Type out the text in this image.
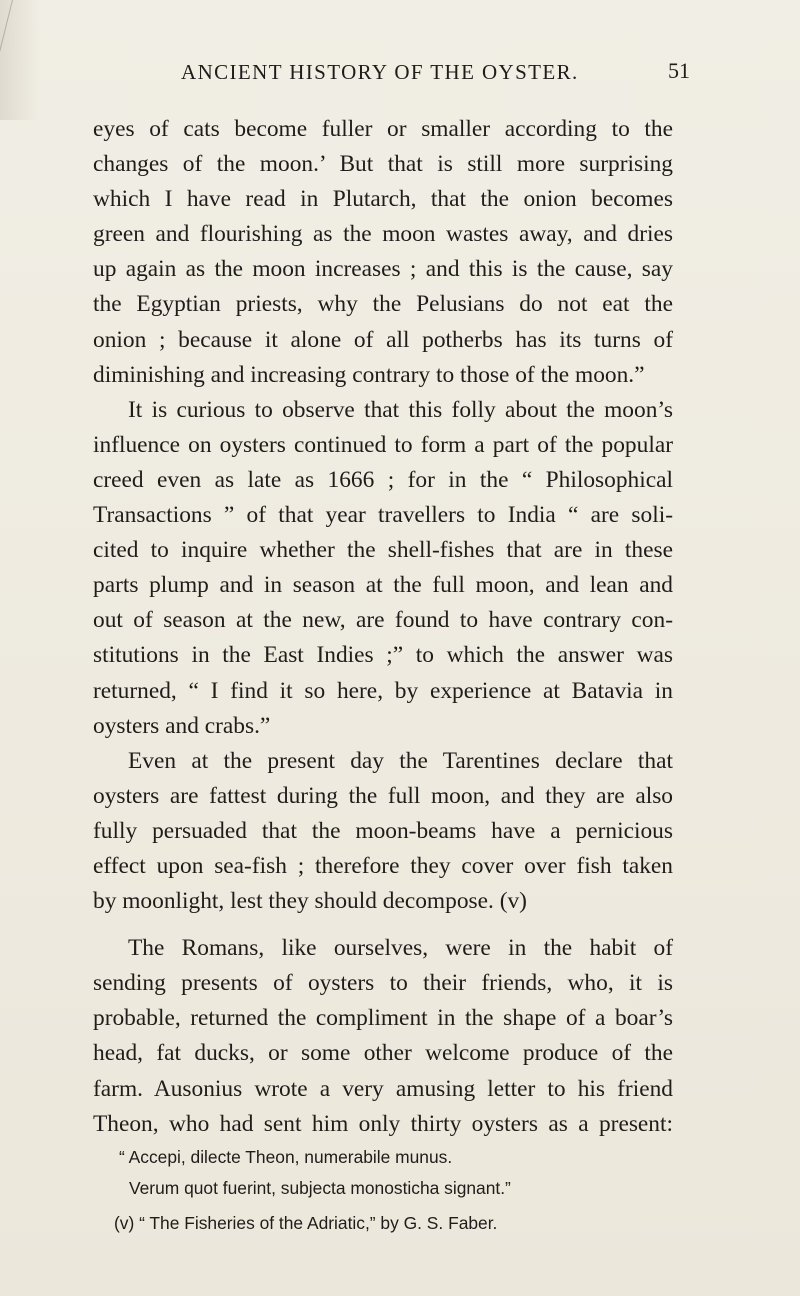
ANCIENT HISTORY OF THE OYSTER.	51
eyes of cats become fuller or smaller according to the
changes of the moon.’ But that is still more surprising
which I have read in Plutarch, that the onion becomes
green and flourishing as the moon wastes away, and dries
up again as the moon increases ; and this is the cause, say
the Egyptian priests, why the Pelusians do not eat the
onion ; because it alone of all potherbs has its turns of
diminishing and increasing contrary to those of the moon.”
It is curious to observe that this folly about the moon’s
influence on oysters continued to form a part of the popular
creed even as late as 1666 ; for in the “ Philosophical
Transactions ” of that year travellers to India “ are soli-
cited to inquire whether the shell-fishes that are in these
parts plump and in season at the full moon, and lean and
out of season at the new, are found to have contrary con-
stitutions in the East Indies ;” to which the answer was
returned, “ I find it so here, by experience at Batavia in
oysters and crabs.”
Even at the present day the Tarentines declare that
oysters are fattest during the full moon, and they are also
fully persuaded that the moon-beams have a pernicious
effect upon sea-fish ; therefore they cover over fish taken
by moonlight, lest they should decompose. (v)
The Romans, like ourselves, were in the habit of
sending presents of oysters to their friends, who, it is
probable, returned the compliment in the shape of a boar’s
head, fat ducks, or some other welcome produce of the
farm. Ausonius wrote a very amusing letter to his friend
Theon, who had sent him only thirty oysters as a present:
“ Accepi, dilecte Theon, numerabile munus.
Verum quot fuerint, subjecta monosticha signant.”
(v) “ The Fisheries of the Adriatic,” by G. S. Faber.
